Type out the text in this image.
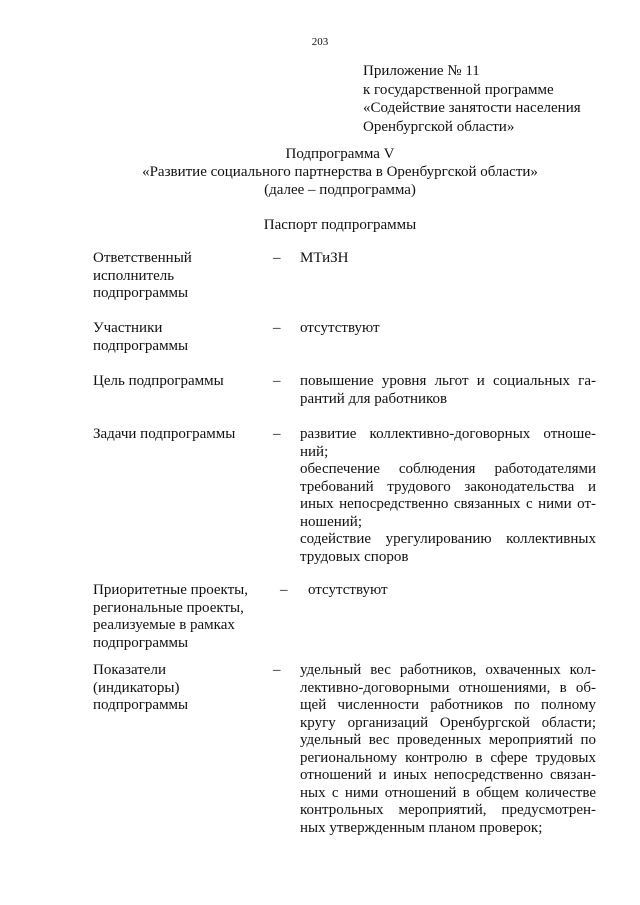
203
Приложение № 11
к государственной программе
«Содействие занятости населения
Оренбургской области»
Подпрограмма V
«Развитие социального партнерства в Оренбургской области»
(далее – подпрограмма)
Паспорт подпрограммы
Ответственный
исполнитель
подпрограммы
– МТиЗН
Участники
подпрограммы
– отсутствуют
Цель подпрограммы	– повышение уровня льгот и социальных га-
рантий для работников
Задачи подпрограммы	– развитие коллективно-договорных отноше-
ний;
обеспечение соблюдения работодателями
требований трудового законодательства и
иных непосредственно связанных с ними от-
ношений;
содействие урегулированию коллективных
трудовых споров
Приоритетные проекты,
региональные проекты,
реализуемые в рамках
подпрограммы
– отсутствуют
Показатели
(индикаторы)
подпрограммы
– удельный вес работников, охваченных кол-
лективно-договорными отношениями, в об-
щей численности работников по полному
кругу организаций Оренбургской области;
удельный вес проведенных мероприятий по
региональному контролю в сфере трудовых
отношений и иных непосредственно связан-
ных с ними отношений в общем количестве
контрольных мероприятий, предусмотрен-
ных утвержденным планом проверок;
